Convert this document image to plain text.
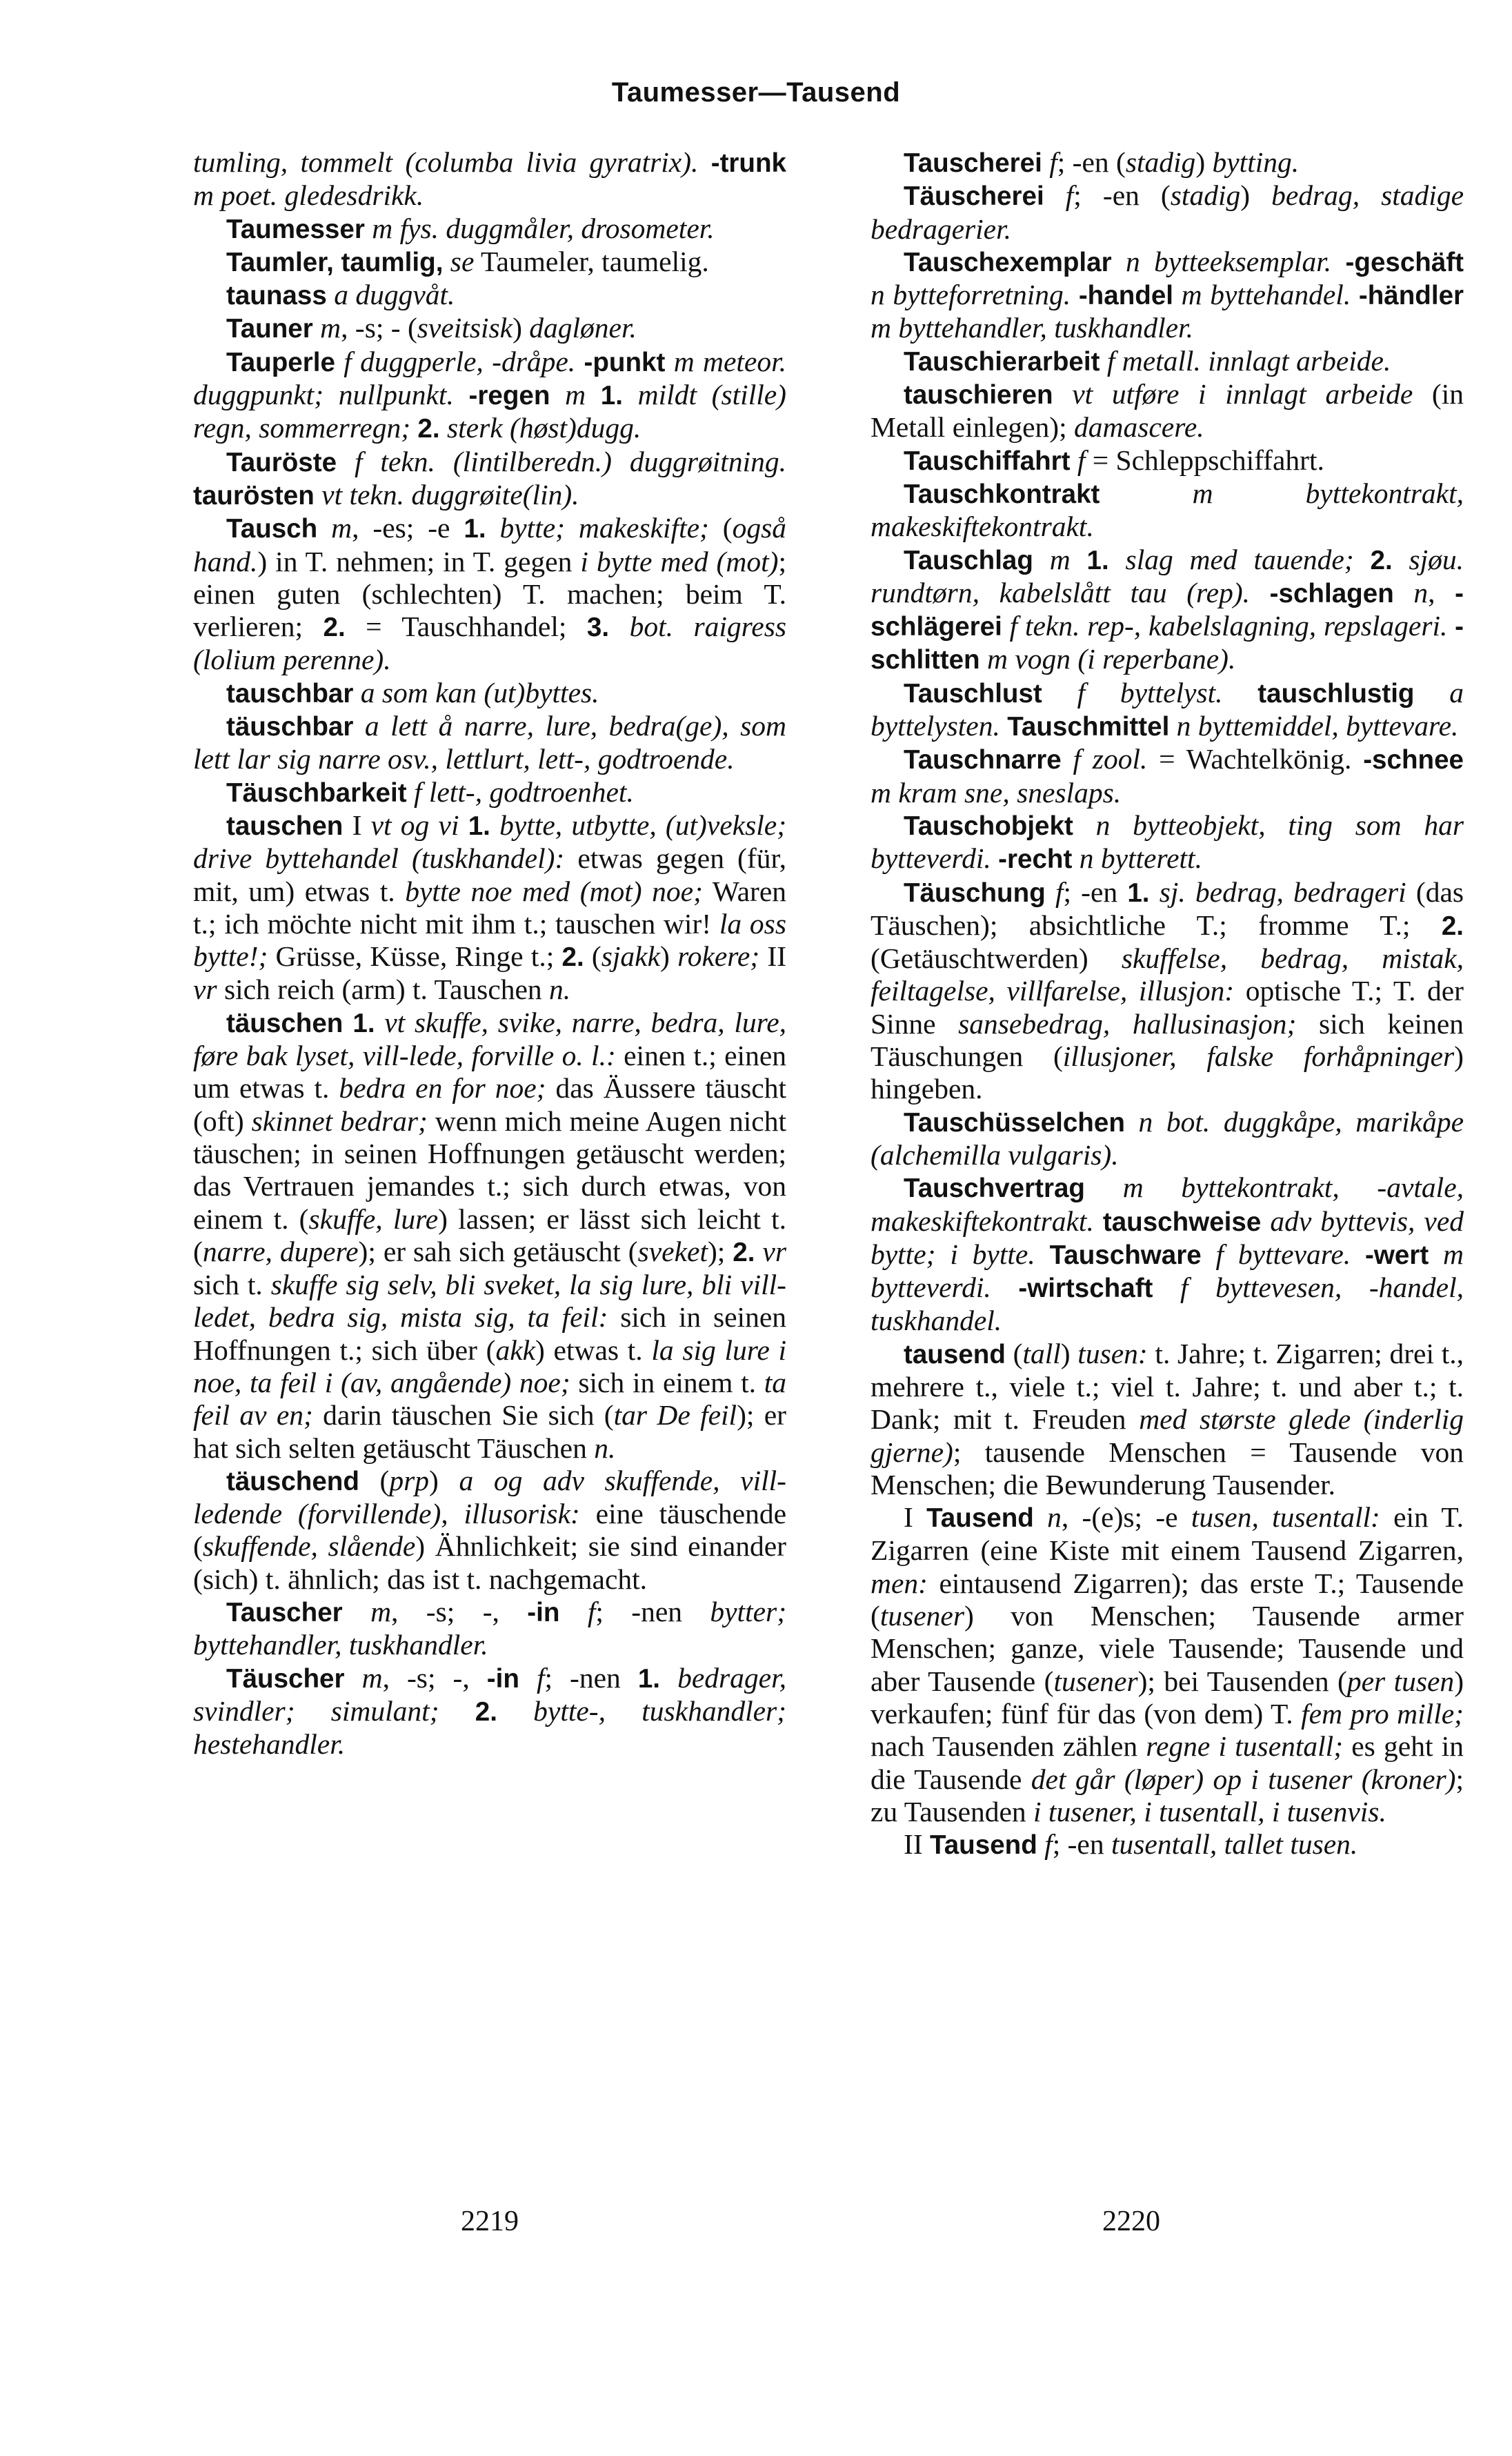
Taumesser—Tausend

tumling, tommelt (columba livia gyratrix). -trunk m poet. gledesdrikk.

Taumesser m fys. duggmåler, drosometer.

Taumler, taumlig, se Taumeler, taumelig.

taunass a duggvåt.

Tauner m, -s; - (sveitsisk) dagløner.

Tauperle f duggperle, -dråpe. -punkt m meteor. duggpunkt; nullpunkt. -regen m 1. mildt (stille) regn, sommerregn; 2. sterk (høst)dugg.

Tauröste f tekn. (lintilberedn.) duggrøitning. taurösten vt tekn. duggrøite(lin).

Tausch m, -es; -e 1. bytte; makeskifte; (også hand.) in T. nehmen; in T. gegen i bytte med (mot); einen guten (schlechten) T. machen; beim T. verlieren; 2. = Tauschhandel; 3. bot. raigress (lolium perenne).

tauschbar a som kan (ut)byttes.

täuschbar a lett å narre, lure, bedra(ge), som lett lar sig narre osv., lettlurt, lett-, godtroende.

Täuschbarkeit f lett-, godtroenhet.

tauschen I vt og vi 1. bytte, utbytte, (ut)veksle; drive byttehandel (tuskhandel): etwas gegen (für, mit, um) etwas t. bytte noe med (mot) noe; Waren t.; ich möchte nicht mit ihm t.; tauschen wir! la oss bytte!; Grüsse, Küsse, Ringe t.; 2. (sjakk) rokere; II vr sich reich (arm) t. Tauschen n.

täuschen 1. vt skuffe, svike, narre, bedra, lure, føre bak lyset, vill-lede, forville o. l.: einen t.; einen um etwas t. bedra en for noe; das Äussere täuscht (oft) skinnet bedrar; wenn mich meine Augen nicht täuschen; in seinen Hoffnungen getäuscht werden; das Vertrauen jemandes t.; sich durch etwas, von einem t. (skuffe, lure) lassen; er lässt sich leicht t. (narre, dupere); er sah sich getäuscht (sveket); 2. vr sich t. skuffe sig selv, bli sveket, la sig lure, bli vill-ledet, bedra sig, mista sig, ta feil: sich in seinen Hoffnungen t.; sich über (akk) etwas t. la sig lure i noe, ta feil i (av, angående) noe; sich in einem t. ta feil av en; darin täuschen Sie sich (tar De feil); er hat sich selten getäuscht Täuschen n.

täuschend (prp) a og adv skuffende, vill-ledende (forvillende), illusorisk: eine täuschende (skuffende, slående) Ähnlichkeit; sie sind einander (sich) t. ähnlich; das ist t. nachgemacht.

Tauscher m, -s; -, -in f; -nen bytter; byttehandler, tuskhandler.

Täuscher m, -s; -, -in f; -nen 1. bedrager, svindler; simulant; 2. bytte-, tuskhandler; hestehandler.

Tauscherei f; -en (stadig) bytting.

Täuscherei f; -en (stadig) bedrag, stadige bedragerier.

Tauschexemplar n bytteeksemplar. -geschäft n bytteforretning. -handel m byttehandel. -händler m byttehandler, tuskhandler.

Tauschierarbeit f metall. innlagt arbeide.

tauschieren vt utføre i innlagt arbeide (in Metall einlegen); damascere.

Tauschiffahrt f = Schleppschiffahrt.

Tauschkontrakt	m byttekontrakt, makeskiftekontrakt.

Tauschlag m 1. slag med tauende; 2. sjøu. rundtørn, kabelslått tau (rep). -schlagen n, -schlägerei f tekn. rep-, kabelslagning, repslageri. -schlitten m vogn (i reperbane).

Tauschlust f byttelyst. tauschlustig a byttelysten. Tauschmittel n byttemiddel, byttevare.

Tauschnarre f zool. = Wachtelkönig. -schnee m kram sne, sneslaps.

Tauschobjekt n bytteobjekt, ting som har bytteverdi. -recht n bytterett.

Täuschung f; -en 1. sj. bedrag, bedrageri (das Täuschen); absichtliche T.; fromme T.; 2. (Getäuschtwerden) skuffelse, bedrag, mistak, feiltagelse, villfarelse, illusjon: optische T.; T. der Sinne sansebedrag, hallusinasjon; sich keinen Täuschungen (illusjoner, falske forhåpninger) hingeben.

Tauschüsselchen n bot. duggkåpe, marikåpe (alchemilla vulgaris).

Tauschvertrag m byttekontrakt, -avtale, makeskiftekontrakt. tauschweise adv byttevis, ved bytte; i bytte. Tauschware f byttevare. -wert m bytteverdi. -wirtschaft f byttevesen, -handel, tuskhandel.

tausend (tall) tusen: t. Jahre; t. Zigarren; drei t., mehrere t., viele t.; viel t. Jahre; t. und aber t.; t. Dank; mit t. Freuden med største glede (inderlig gjerne); tausende Menschen = Tausende von Menschen; die Bewunderung Tausender.

I Tausend n, -(e)s; -e tusen, tusentall: ein T. Zigarren (eine Kiste mit einem Tausend Zigarren, men: eintausend Zigarren); das erste T.; Tausende (tusener) von Menschen; Tausende armer Menschen; ganze, viele Tausende; Tausende und aber Tausende (tusener); bei Tausenden (per tusen) verkaufen; fünf für das (von dem) T. fem pro mille; nach Tausenden zählen regne i tusentall; es geht in die Tausende det går (løper) op i tusener (kroner); zu Tausenden i tusener, i tusentall, i tusenvis.

II Tausend f; -en tusentall, tallet tusen.

2219	2220
